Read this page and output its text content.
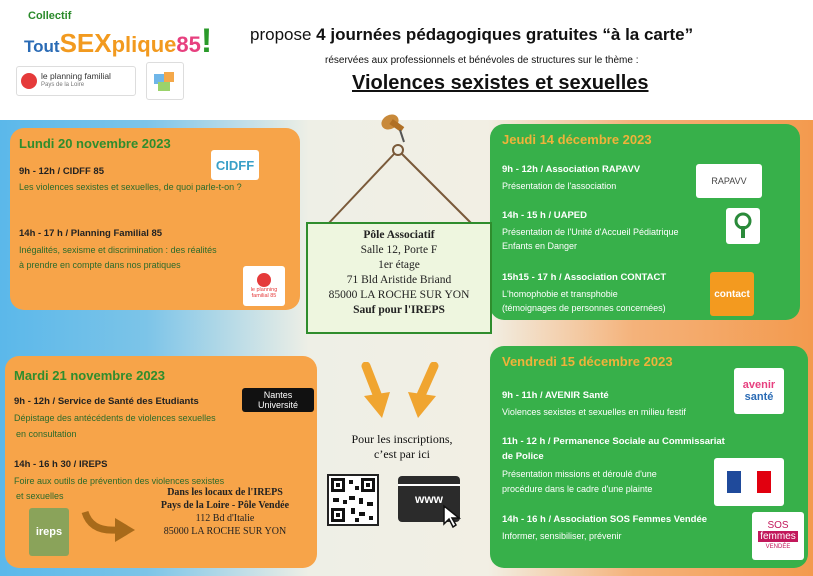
Collectif
ToutSEXplique85! propose 4 journées pédagogiques gratuites “à la carte”
réservées aux professionnels et bénévoles de structures sur le thème :
Violences sexistes et sexuelles
le planning familial
Pays de la Loire
Lundi 20 novembre 2023
9h - 12h / CIDFF 85
Les violences sexistes et sexuelles, de quoi parle-t-on ?
14h - 17 h / Planning Familial 85
Inégalités, sexisme et discrimination : des réalités
à prendre en compte dans nos pratiques
CIDFF
le planning familial 85
Mardi 21 novembre 2023
9h - 12h / Service de Santé des Etudiants
Dépistage des antécédents de violences sexuelles
en consultation
14h - 16 h 30 / IREPS
Foire aux outils de prévention des violences sexistes
et sexuelles	Dans les locaux de l'IREPS
Pays de la Loire - Pôle Vendée
112 Bd d'Italie
85000 LA ROCHE SUR YON
Nantes
Université
ireps
Jeudi 14 décembre 2023
9h - 12h / Association RAPAVV
Présentation de l'association
14h - 15 h / UAPED
Présentation de l'Unité d'Accueil Pédiatrique
Enfants en Danger
15h15 - 17 h / Association CONTACT
L'homophobie et transphobie
(témoignages de personnes concernées)
RAPAVV
contact
Vendredi 15 décembre 2023
9h - 11h / AVENIR Santé
Violences sexistes et sexuelles en milieu festif
11h - 12 h / Permanence Sociale au Commissariat
de Police
Présentation missions et déroulé d'une
procédure dans le cadre d'une plainte
14h - 16 h / Association SOS Femmes Vendée
Informer, sensibiliser, prévenir
avenir
santé
SOS
femmes
VENDÉE
Pôle Associatif
Salle 12, Porte F
1er étage
71 Bld Aristide Briand
85000 LA ROCHE SUR YON
Sauf pour l'IREPS
Pour les inscriptions,
c’est par ici
www
